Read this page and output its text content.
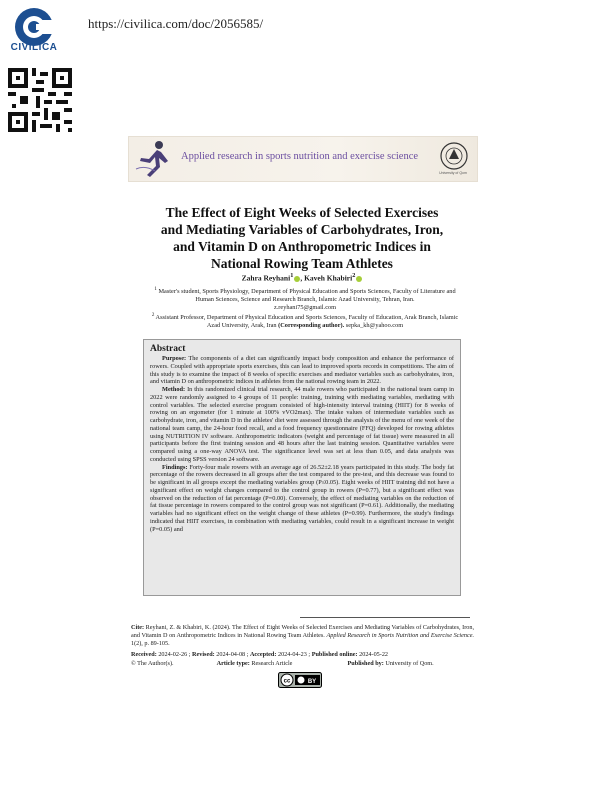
CIVILICA
https://civilica.com/doc/2056585/
Applied research in sports nutrition and exercise science
University of Qom
The Effect of Eight Weeks of Selected Exercises
and Mediating Variables of Carbohydrates, Iron,
and Vitamin D on Anthropometric Indices in
National Rowing Team Athletes
Zahra Reyhani$^1$ , Kaveh Khabiri$^2$
$^1$ Master's student, Sports Physiology, Department of Physical Education and Sports Sciences, Faculty of Literature and Human Sciences, Science and Research Branch, Islamic Azad University, Tehran, Iran.
z.reyhani75@gmail.com
$^2$ Assistant Professor, Department of Physical Education and Sports Sciences, Faculty of Education, Arak Branch, Islamic Azad University, Arak, Iran (Corresponding author). sepka_kh@yahoo.com
Abstract

Purpose: The components of a diet can significantly impact body composition and enhance the performance of rowers. Coupled with appropriate sports exercises, this can lead to improved sports records in competitions. The aim of this study is to examine the impact of 8 weeks of specific exercises and mediator variables such as carbohydrates, iron, and vitamin D on anthropometric indices in athletes from the national rowing team in 2022.

Method: In this randomized clinical trial research, 44 male rowers who participated in the national team camp in 2022 were randomly assigned to 4 groups of 11 people: training, training with mediating variables, mediating with control variables. The selected exercise program consisted of high-intensity interval training (HIIT) for 8 weeks of rowing on an ergometer (for 1 minute at 100% vVO2max). The intake values of intermediate variables such as carbohydrate, iron, and vitamin D in the athletes' diet were assessed through the analysis of the menu of one week of the national team camp, the 24-hour food recall, and a food frequency questionnaire (FFQ) developed for rowing athletes using NUTRITION IV software. Anthropometric indicators (weight and percentage of fat tissue) were measured in all participants before the first training session and 48 hours after the last training session. Quantitative variables were compared using a one-way ANOVA test. The significance level was set at less than 0.05, and data analysis was conducted using SPSS version 24 software.

Findings: Forty-four male rowers with an average age of 26.52±2.18 years participated in this study. The body fat percentage of the rowers decreased in all groups after the test compared to the pre-test, and this decrease was found to be significant in all groups except the mediating variables group (P≤0.05). Eight weeks of HIIT training did not have a significant effect on weight changes compared to the control group in rowers (P=0.77), but a significant effect was observed on the reduction of fat percentage (P=0.00). Conversely, the effect of mediating variables on the reduction of fat tissue percentage in rowers compared to the control group was not significant (P=0.61). Additionally, the mediating variables had no significant effect on the weight change of these athletes (P=0.99). Furthermore, the study's findings indicated that HIIT exercises, in combination with mediating variables, could result in a significant increase in weight (P=0.05) and

Cite: Reyhani, Z. & Khabiri, K. (2024). The Effect of Eight Weeks of Selected Exercises and Mediating Variables of Carbohydrates, Iron, and Vitamin D on Anthropometric Indices in National Rowing Team Athletes. Applied Research in Sports Nutrition and Exercise Science. 1(2), p. 89-105.
Received: 2024-02-26 ; Revised: 2024-04-08 ; Accepted: 2024-04-23 ; Published online: 2024-05-22
© The Author(s).	Article type: Research Article	Published by: University of Qom.
cc	BY
